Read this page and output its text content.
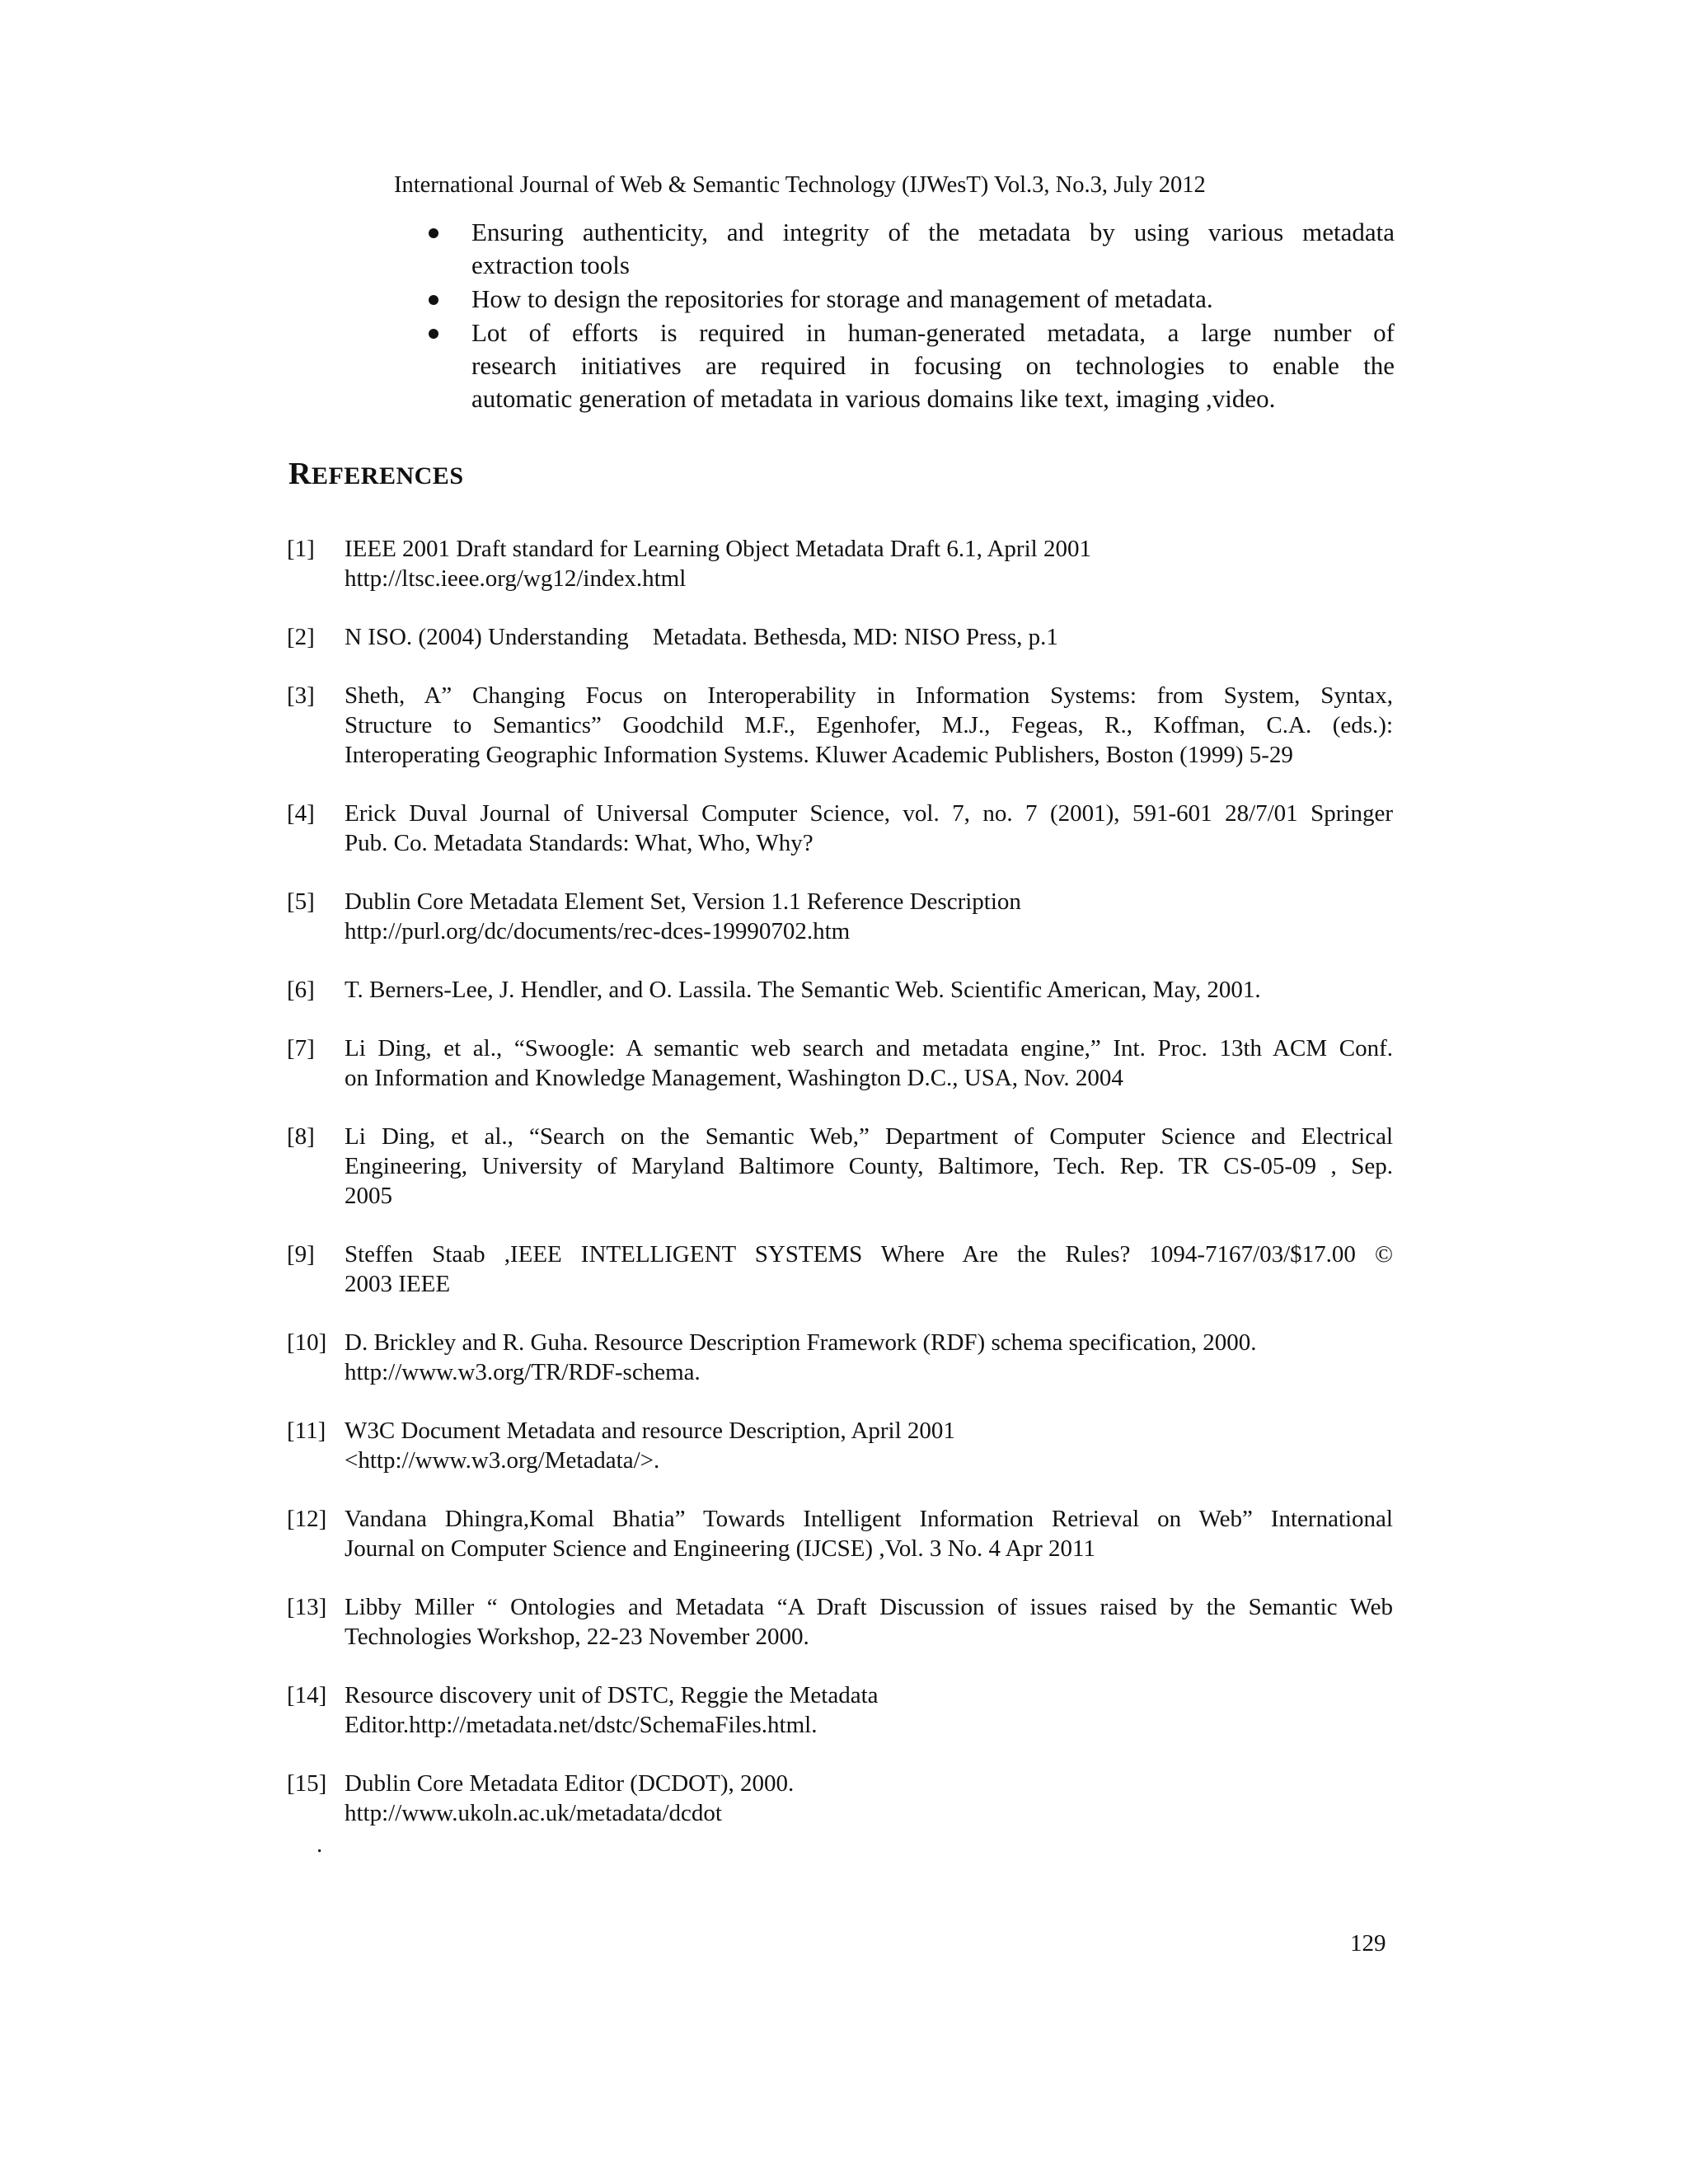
International Journal of Web & Semantic Technology (IJWesT) Vol.3, No.3, July 2012
Ensuring authenticity, and integrity of the metadata by using various metadata
extraction tools
How to design the repositories for storage and management of metadata.
Lot of efforts is required in human-generated metadata, a large number of
research initiatives are required in focusing on technologies to enable the
automatic generation of metadata in various domains like text, imaging ,video.
REFERENCES
[1] IEEE 2001 Draft standard for Learning Object Metadata Draft 6.1, April 2001
http://ltsc.ieee.org/wg12/index.html
[2] N ISO. (2004) Understanding    Metadata. Bethesda, MD: NISO Press, p.1
[3] Sheth, A” Changing Focus on Interoperability in Information Systems: from System, Syntax,
Structure to Semantics” Goodchild M.F., Egenhofer, M.J., Fegeas, R., Koffman, C.A. (eds.):
Interoperating Geographic Information Systems. Kluwer Academic Publishers, Boston (1999) 5-29
[4] Erick Duval Journal of Universal Computer Science, vol. 7, no. 7 (2001), 591-601 28/7/01 Springer
Pub. Co. Metadata Standards: What, Who, Why?
[5] Dublin Core Metadata Element Set, Version 1.1 Reference Description
http://purl.org/dc/documents/rec-dces-19990702.htm
[6] T. Berners-Lee, J. Hendler, and O. Lassila. The Semantic Web. Scientific American, May, 2001.
[7] Li Ding, et al., “Swoogle: A semantic web search and metadata engine,” Int. Proc. 13th ACM Conf.
on Information and Knowledge Management, Washington D.C., USA, Nov. 2004
[8] Li Ding, et al., “Search on the Semantic Web,” Department of Computer Science and Electrical
Engineering, University of Maryland Baltimore County, Baltimore, Tech. Rep. TR CS-05-09 , Sep.
2005
[9] Steffen Staab ,IEEE INTELLIGENT SYSTEMS Where Are the Rules? 1094-7167/03/$17.00 ©
2003 IEEE
[10] D. Brickley and R. Guha. Resource Description Framework (RDF) schema specification, 2000.
http://www.w3.org/TR/RDF-schema.
[11] W3C Document Metadata and resource Description, April 2001
<http://www.w3.org/Metadata/>.
[12] Vandana Dhingra,Komal Bhatia” Towards Intelligent Information Retrieval on Web” International
Journal on Computer Science and Engineering (IJCSE) ,Vol. 3 No. 4 Apr 2011
[13] Libby Miller “ Ontologies and Metadata “A Draft Discussion of issues raised by the Semantic Web
Technologies Workshop, 22-23 November 2000.
[14] Resource discovery unit of DSTC, Reggie the Metadata
Editor.http://metadata.net/dstc/SchemaFiles.html.
[15] Dublin Core Metadata Editor (DCDOT), 2000.
http://www.ukoln.ac.uk/metadata/dcdot
.
129
